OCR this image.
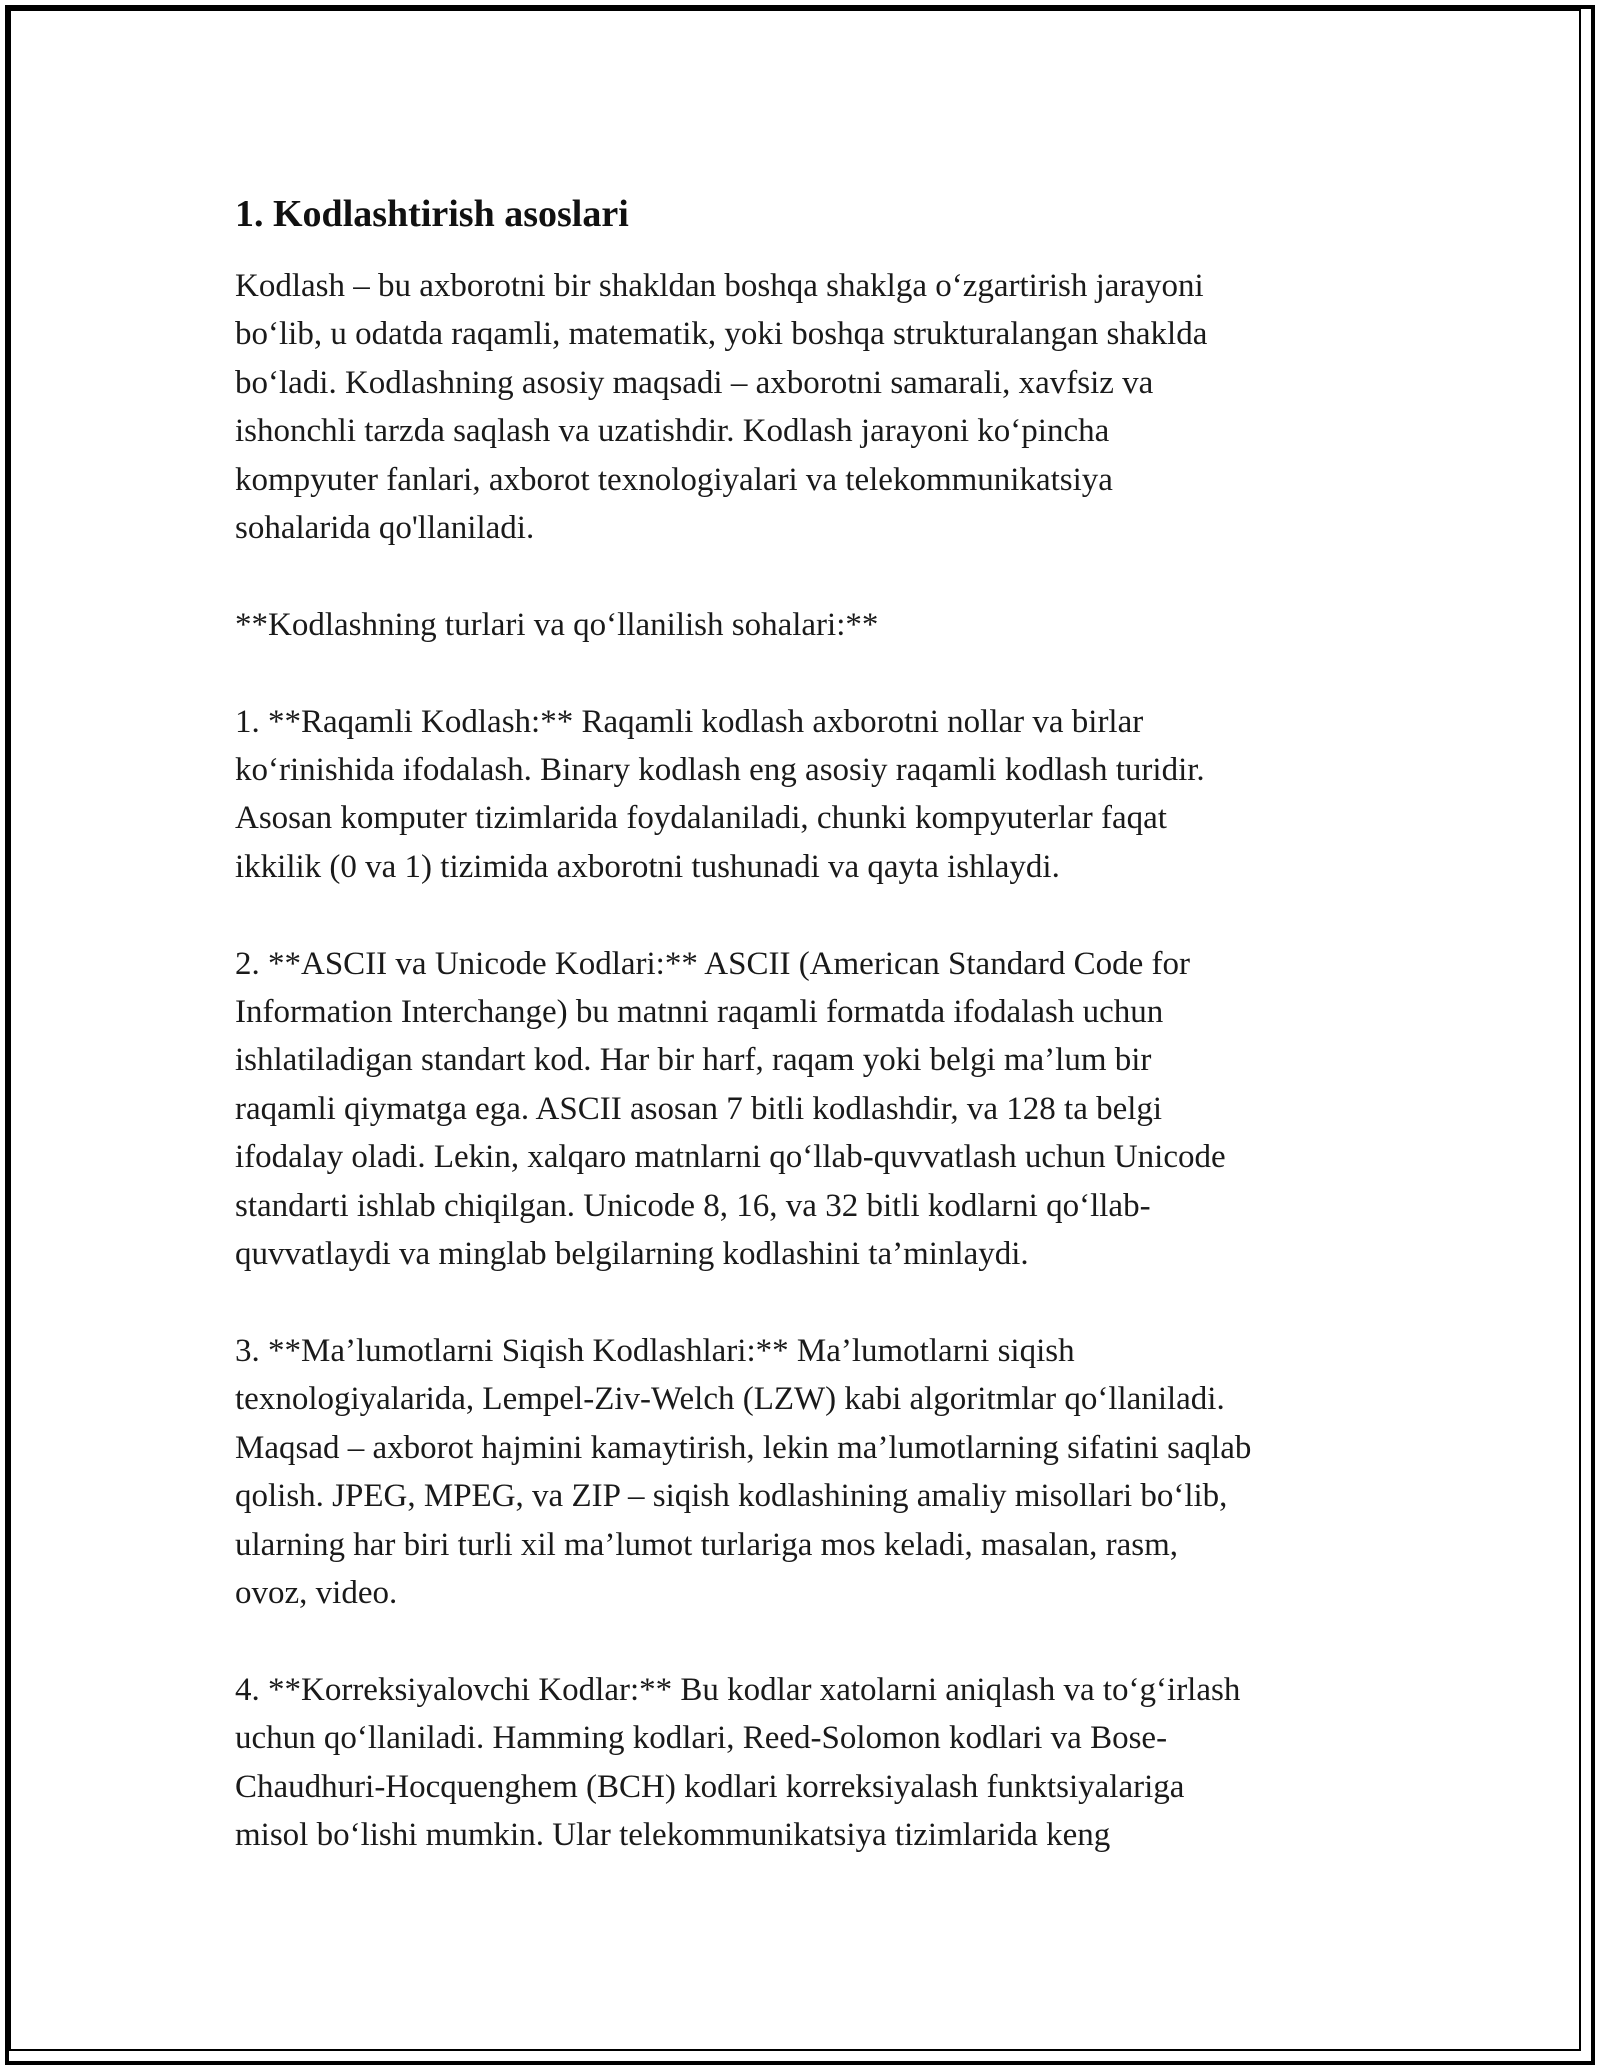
1. Kodlashtirish asoslari

Kodlash – bu axborotni bir shakldan boshqa shaklga o‘zgartirish jarayoni
bo‘lib, u odatda raqamli, matematik, yoki boshqa strukturalangan shaklda
bo‘ladi. Kodlashning asosiy maqsadi – axborotni samarali, xavfsiz va
ishonchli tarzda saqlash va uzatishdir. Kodlash jarayoni ko‘pincha
kompyuter fanlari, axborot texnologiyalari va telekommunikatsiya
sohalarida qo'llaniladi.

**Kodlashning turlari va qo‘llanilish sohalari:**

1. **Raqamli Kodlash:** Raqamli kodlash axborotni nollar va birlar
ko‘rinishida ifodalash. Binary kodlash eng asosiy raqamli kodlash turidir.
Asosan komputer tizimlarida foydalaniladi, chunki kompyuterlar faqat
ikkilik (0 va 1) tizimida axborotni tushunadi va qayta ishlaydi.

2. **ASCII va Unicode Kodlari:** ASCII (American Standard Code for
Information Interchange) bu matnni raqamli formatda ifodalash uchun
ishlatiladigan standart kod. Har bir harf, raqam yoki belgi ma’lum bir
raqamli qiymatga ega. ASCII asosan 7 bitli kodlashdir, va 128 ta belgi
ifodalay oladi. Lekin, xalqaro matnlarni qo‘llab-quvvatlash uchun Unicode
standarti ishlab chiqilgan. Unicode 8, 16, va 32 bitli kodlarni qo‘llab-
quvvatlaydi va minglab belgilarning kodlashini ta’minlaydi.

3. **Ma’lumotlarni Siqish Kodlashlari:** Ma’lumotlarni siqish
texnologiyalarida, Lempel-Ziv-Welch (LZW) kabi algoritmlar qo‘llaniladi.
Maqsad – axborot hajmini kamaytirish, lekin ma’lumotlarning sifatini saqlab
qolish. JPEG, MPEG, va ZIP – siqish kodlashining amaliy misollari bo‘lib,
ularning har biri turli xil ma’lumot turlariga mos keladi, masalan, rasm,
ovoz, video.

4. **Korreksiyalovchi Kodlar:** Bu kodlar xatolarni aniqlash va to‘g‘irlash
uchun qo‘llaniladi. Hamming kodlari, Reed-Solomon kodlari va Bose-
Chaudhuri-Hocquenghem (BCH) kodlari korreksiyalash funktsiyalariga
misol bo‘lishi mumkin. Ular telekommunikatsiya tizimlarida keng
